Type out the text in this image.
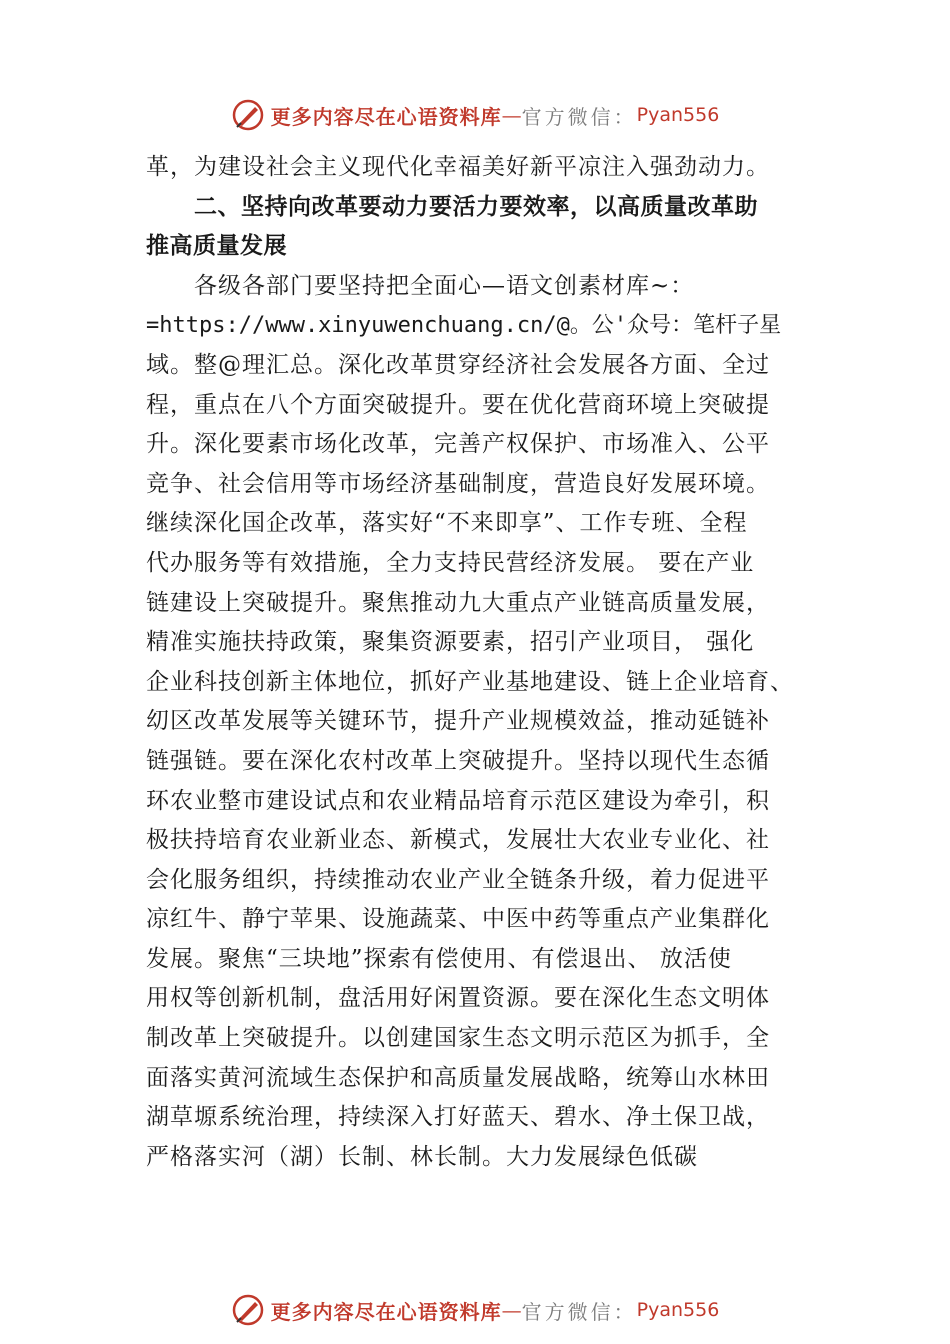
更多内容尽在心语资料库 — 官方微信： Pyan556
革，为建设社会主义现代化幸福美好新平凉注入强劲动力。
二、坚持向改革要动力要活力要效率，以高质量改革助
推高质量发展
各级各部门要坚持把全面心—语文创素材库~：
=https://www.xinyuwenchuang.cn/@。公'众号：笔杆子星
域。整@理汇总。深化改革贯穿经济社会发展各方面、全过
程，重点在八个方面突破提升。要在优化营商环境上突破提
升。深化要素市场化改革，完善产权保护、市场准入、公平
竞争、社会信用等市场经济基础制度，营造良好发展环境。
继续深化国企改革，落实好“不来即享”、工作专班、全程
代办服务等有效措施，全力支持民营经济发展。 要在产业
链建设上突破提升。聚焦推动九大重点产业链高质量发展，
精准实施扶持政策，聚集资源要素，招引产业项目， 强化
企业科技创新主体地位，抓好产业基地建设、链上企业培育、
㓜区改革发展等关键环节，提升产业规模效益，推动延链补
链强链。要在深化农村改革上突破提升。坚持以现代生态循
环农业整市建设试点和农业精品培育示范区建设为牵引，积
极扶持培育农业新业态、新模式，发展壮大农业专业化、社
会化服务组织，持续推动农业产业全链条升级，着力促进平
凉红牛、静宁苹果、设施蔬菜、中医中药等重点产业集群化
发展。聚焦“三块地”探索有偿使用、有偿退出、 放活使
用权等创新机制，盘活用好闲置资源。要在深化生态文明体
制改革上突破提升。以创建国家生态文明示范区为抓手，全
面落实黄河流域生态保护和高质量发展战略，统筹山水林田
湖草塬系统治理，持续深入打好蓝天、碧水、净土保卫战，
严格落实河（湖）长制、林长制。大力发展绿色低碳
更多内容尽在心语资料库 — 官方微信： Pyan556
